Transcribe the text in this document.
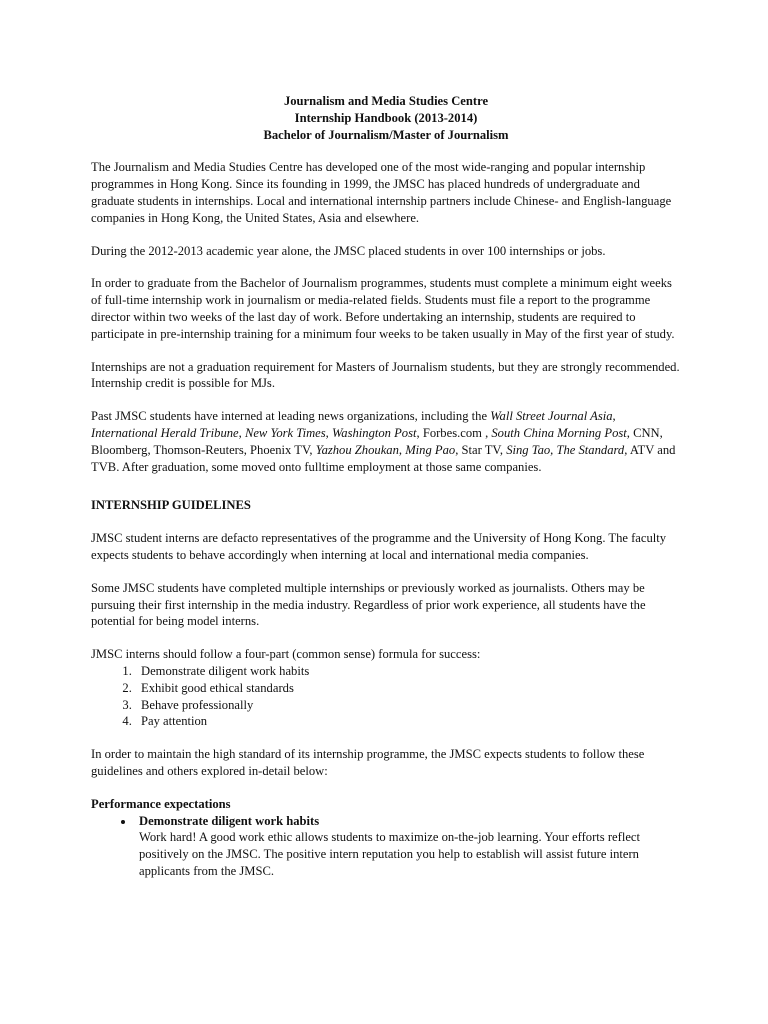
Journalism and Media Studies Centre
Internship Handbook (2013-2014)
Bachelor of Journalism/Master of Journalism

The Journalism and Media Studies Centre has developed one of the most wide-ranging and popular internship programmes in Hong Kong. Since its founding in 1999, the JMSC has placed hundreds of undergraduate and graduate students in internships. Local and international internship partners include Chinese- and English-language companies in Hong Kong, the United States, Asia and elsewhere.

During the 2012-2013 academic year alone, the JMSC placed students in over 100 internships or jobs.

In order to graduate from the Bachelor of Journalism programmes, students must complete a minimum eight weeks of full-time internship work in journalism or media-related fields. Students must file a report to the programme director within two weeks of the last day of work. Before undertaking an internship, students are required to participate in pre-internship training for a minimum four weeks to be taken usually in May of the first year of study.

Internships are not a graduation requirement for Masters of Journalism students, but they are strongly recommended. Internship credit is possible for MJs.

Past JMSC students have interned at leading news organizations, including the Wall Street Journal Asia, International Herald Tribune, New York Times, Washington Post, Forbes.com , South China Morning Post, CNN, Bloomberg, Thomson-Reuters, Phoenix TV, Yazhou Zhoukan, Ming Pao, Star TV, Sing Tao, The Standard, ATV and TVB. After graduation, some moved onto fulltime employment at those same companies.

INTERNSHIP GUIDELINES

JMSC student interns are defacto representatives of the programme and the University of Hong Kong. The faculty expects students to behave accordingly when interning at local and international media companies.

Some JMSC students have completed multiple internships or previously worked as journalists. Others may be pursuing their first internship in the media industry. Regardless of prior work experience, all students have the potential for being model interns.

JMSC interns should follow a four-part (common sense) formula for success:
1. Demonstrate diligent work habits
2. Exhibit good ethical standards
3. Behave professionally
4. Pay attention

In order to maintain the high standard of its internship programme, the JMSC expects students to follow these guidelines and others explored in-detail below:

Performance expectations
• Demonstrate diligent work habits
Work hard! A good work ethic allows students to maximize on-the-job learning. Your efforts reflect positively on the JMSC. The positive intern reputation you help to establish will assist future intern applicants from the JMSC.
